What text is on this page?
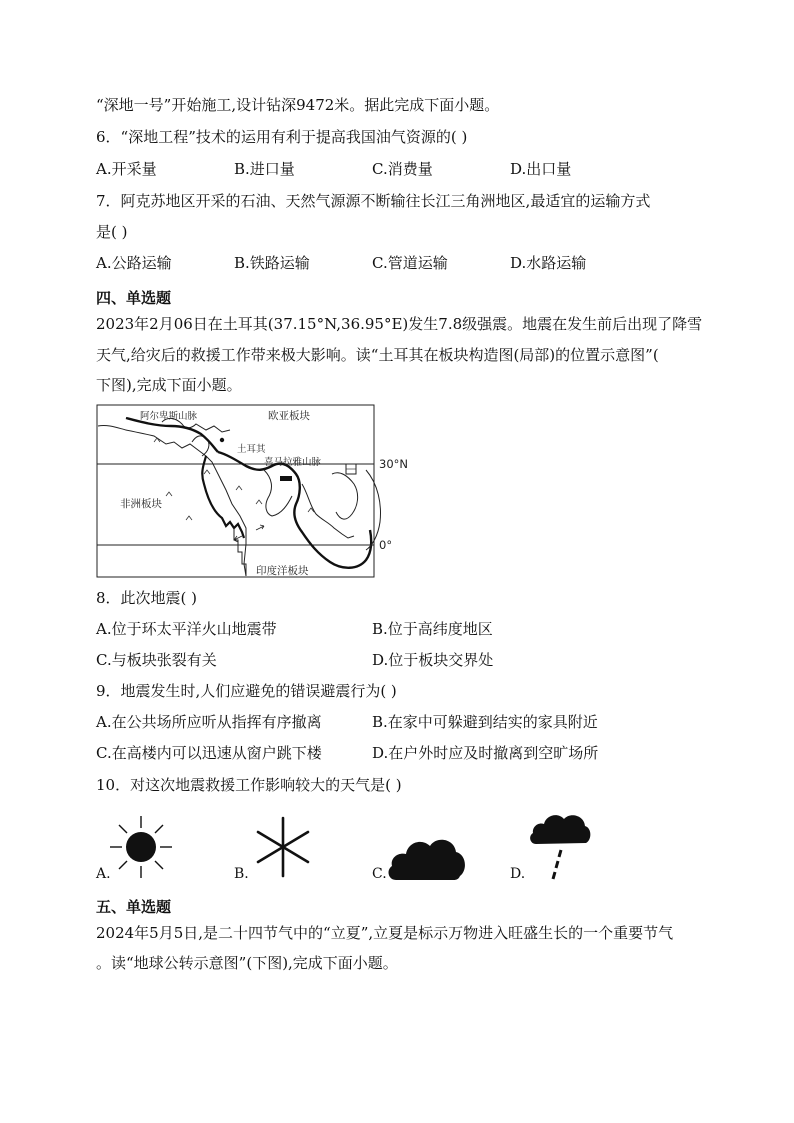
“深地一号”开始施工,设计钻深9472米。据此完成下面小题。
6．“深地工程”技术的运用有利于提高我国油气资源的( )
A.开采量	B.进口量	C.消费量	D.出口量
7．阿克苏地区开采的石油、天然气源源不断输往长江三角洲地区,最适宜的运输方式
是( )
A.公路运输	B.铁路运输	C.管道运输	D.水路运输
四、单选题
2023年2月06日在土耳其(37.15°N,36.95°E)发生7.8级强震。地震在发生前后出现了降雪
天气,给灾后的救援工作带来极大影响。读“土耳其在板块构造图(局部)的位置示意图”(
下图),完成下面小题。
阿尔卑斯山脉	欧亚板块
土耳其
喜马拉雅山脉
非洲板块
印度洋板块
30°N
0°
8．此次地震( )
A.位于环太平洋火山地震带	B.位于高纬度地区
C.与板块张裂有关	D.位于板块交界处
9．地震发生时,人们应避免的错误避震行为( )
A.在公共场所应听从指挥有序撤离	B.在家中可躲避到结实的家具附近
C.在高楼内可以迅速从窗户跳下楼	D.在户外时应及时撤离到空旷场所
10．对这次地震救援工作影响较大的天气是( )
A.	B.	C.	D.
五、单选题
2024年5月5日,是二十四节气中的“立夏”,立夏是标示万物进入旺盛生长的一个重要节气
。读“地球公转示意图”(下图),完成下面小题。
